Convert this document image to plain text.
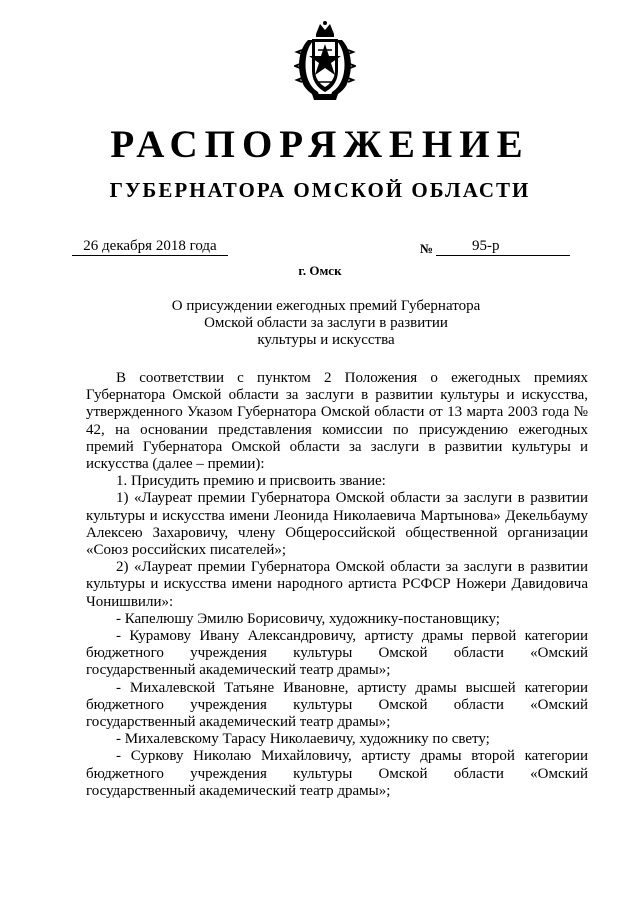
РАСПОРЯЖЕНИЕ
ГУБЕРНАТОРА ОМСКОЙ ОБЛАСТИ
26 декабря 2018 года	№	95-р

г. Омск
О присуждении ежегодных премий Губернатора
Омской области за заслуги в развитии
культуры и искусства

В соответствии с пунктом 2 Положения о ежегодных премиях Губернатора Омской области за заслуги в развитии культуры и искусства, утвержденного Указом Губернатора Омской области от 13 марта 2003 года № 42, на основании представления комиссии по присуждению ежегодных премий Губернатора Омской области за заслуги в развитии культуры и искусства (далее – премии):

1. Присудить премию и присвоить звание:

1) «Лауреат премии Губернатора Омской области за заслуги в развитии культуры и искусства имени Леонида Николаевича Мартынова» Декельбауму Алексею Захаровичу, члену Общероссийской общественной организации «Союз российских писателей»;

2) «Лауреат премии Губернатора Омской области за заслуги в развитии культуры и искусства имени народного артиста РСФСР Ножери Давидовича Чонишвили»:

- Капелюшу Эмилю Борисовичу, художнику-постановщику;

- Курамову Ивану Александровичу, артисту драмы первой категории бюджетного учреждения культуры Омской области «Омский государственный академический театр драмы»;

- Михалевской Татьяне Ивановне, артисту драмы высшей категории бюджетного учреждения культуры Омской области «Омский государственный академический театр драмы»;

- Михалевскому Тарасу Николаевичу, художнику по свету;

- Суркову Николаю Михайловичу, артисту драмы второй категории бюджетного учреждения культуры Омской области «Омский государственный академический театр драмы»;
